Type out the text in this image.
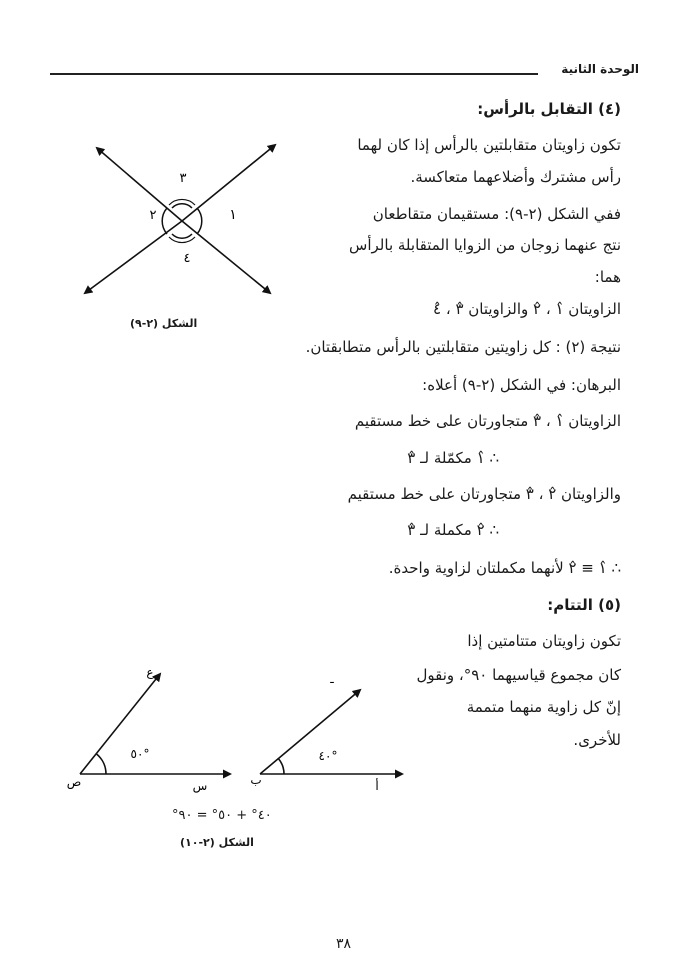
الوحدة الثانية
(٤) التقابل بالرأس:
تكون زاويتان متقابلتين بالرأس إذا كان لهما
رأس مشترك وأضلاعهما متعاكسة.
ففي الشكل (٢-٩): مستقيمان متقاطعان
نتج عنهما زوجان من الزوايا المتقابلة بالرأس
هما:
الزاويتان ١̂ ، ٢̂ والزاويتان ٣̂ ، ٤̂
نتيجة (٢) : كل زاويتين متقابلتين بالرأس متطابقتان.
البرهان: في الشكل (٢-٩) أعلاه:
الزاويتان ١̂ ، ٣̂ متجاورتان على خط مستقيم
∴ ١̂ مكمّلة لـ ٣̂
والزاويتان ٢̂ ، ٣̂ متجاورتان على خط مستقيم
∴ ٢̂ مكملة لـ ٣̂
∴ ١̂ ≡ ٢̂ لأنهما مكملتان لزاوية واحدة.
١
٢
٣
٤
الشكل (٢-٩)
(٥) التتام:
تكون زاويتان متتامتين إذا
كان مجموع قياسيهما ٩٠°، ونقول
إنّ كل زاوية منهما متممة
للأخرى.
٥٠°
ص	س
ع
٤٠°
ب	أ
ـ
٤٠° + ٥٠° = ٩٠°
الشكل (٢-١٠)
٣٨
